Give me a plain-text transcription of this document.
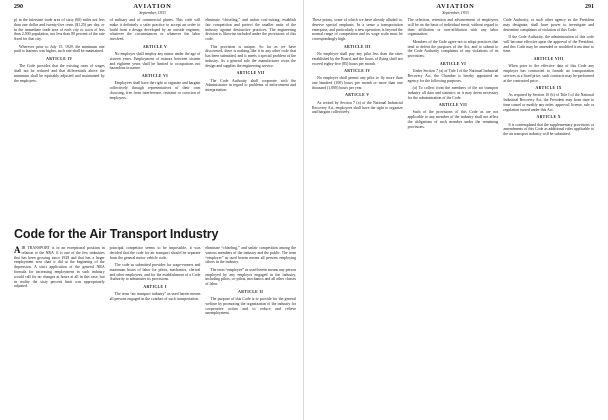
290	AVIATION
September, 1933

p) in the interstate trade area of sixty (60) miles not less than one dollar and twenty-five cents ($1.25) per day, or in the immediate trade area of each city or town of less than 2,500 population, not less than 80 percent of the rate fixed for that city.

Wherever prior to July 15, 1929, the minimum rate paid to learners was higher, such rate shall be maintained.

ARTICLE IV

The Code provides that the existing rates of wages shall not be reduced and that differentials above the minimum shall be equitably adjusted and maintained by the employers.

of military and of commercial planes. This code will make it definitely a safer practice to accept an order to build from a design developed by an outside engineer, whatever the circumstances or whatever the labor involved.

ARTICLE V

No employer shall employ any minor under the age of sixteen years. Employment of minors between sixteen and eighteen years shall be limited to occupations not hazardous in nature.

ARTICLE VI

Employees shall have the right to organize and bargain collectively through representatives of their own choosing, free from interference, restraint or coercion of employers.

eliminate “chiseling,” and unfair cost-cutting, establish fair competition and protect the smaller units of the industry against destructive practices. The engineering division is likewise included under the provisions of this code.

This provision is unique. So far as we have discovered, there is nothing like it in any other code that has been submitted, and it meets a special problem of the industry. As a general rule the manufacturer owns the design and supplies the engineering service.

ARTICLE VII

The Code Authority shall cooperate with the Administrator in regard to problems of enforcement and interpretation.

Code for the Air Transport Industry

AIR TRANSPORT is in an exceptional position in relation to the NRA. It is one of the few industries that has been growing since 1929 and that has a larger employment now than it did at the beginning of the depression. A strict application of the general NRA formula for increasing employment in such industry would call for no changes at hours at all in this case, but in reality the sixty percent limit was appropriately adjusted.

principal competitor seems to be impossible, it was decided that the code for air transport should be separate from the general motor vehicle code.

The code as submitted provides for wage-earners and maximum hours of labor for pilots, mechanics, clerical and other employees, and for the establishment of a Code Authority to administer its provisions.

ARTICLE I

The term “air transport industry” as used herein means all persons engaged in the conduct of such transportation.

eliminate “chiseling,” and unfair competition among the various members of the industry and the public. The term “employer” as used herein means all persons employing others in the industry.

The term “employee” as used herein means any person employed by any employer engaged in the industry, including pilots, co-pilots, mechanics and all other classes of labor.

ARTICLE II

The purpose of this Code is to provide for the general welfare by promoting the organization of the industry for cooperative action and to reduce and relieve unemployment.

AVIATION
September, 1933
291

These points, some of which we have already alluded to, deserve special emphasis. In a sense a transportation enterprise, and particularly a new operation, is beyond the normal range of competition and its wage scale must be correspondingly high.

ARTICLE III

No employer shall pay any pilot less than the rates established by the Board, and the hours of flying shall not exceed eighty-five (85) hours per month.

ARTICLE IV

No employer shall permit any pilot to fly more than one hundred (100) hours per month or more than one thousand (1,000) hours per year.

ARTICLE V

As recited by Section 7 (a) of the National Industrial Recovery Act, employees shall have the right to organize and bargain collectively.

The selection, retention and advancement of employees will be on the basis of individual merit, without regard to their affiliation or non-affiliation with any labor organization.

Members of the Code agree not to adopt practices that tend to defeat the purposes of the Act, and to submit to the Code Authority complaints of any violations of its provisions.

ARTICLE VI

Under Section 7 (a) of Title I of the National Industrial Recovery Act, the Chamber is hereby appointed an agency for the following purposes.

(a) To collect from the members of the air transport industry all data and statistics as it may deem necessary for the administration of the Code.

ARTICLE VII

Such of the provisions of this Code as are not applicable to any member of the industry shall not affect the obligations of such member under the remaining provisions.

Code Authority, or such other agency as the President may designate, shall have power to investigate and determine complaints of violation of this Code.

If the Code Authority, the administration of this code will become effective upon the approval of the President, and this Code may be amended or modified from time to time.

ARTICLE VIII

When prior to the effective date of this Code any employer has contracted to furnish air transportation services at a fixed price, such contracts may be performed at the contracted price.

ARTICLE IX

As required by Section 10 (b) of Title I of the National Industrial Recovery Act, the President may from time to time cancel or modify any order, approval, license, rule or regulation issued under this Act.

ARTICLE X

It is contemplated that the supplementary provisions or amendments of this Code as additional rules applicable to the air transport industry will be submitted.
